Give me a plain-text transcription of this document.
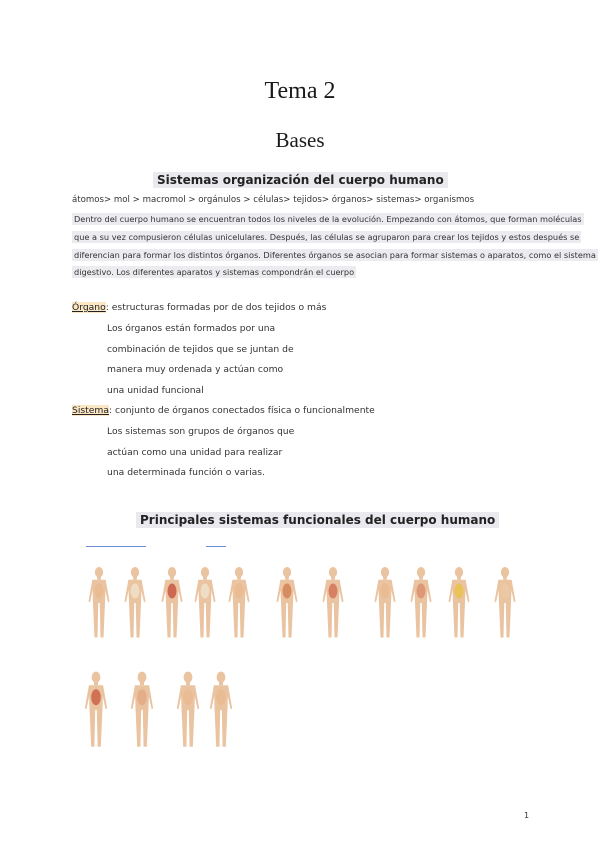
Tema 2
Bases
Sistemas organización del cuerpo humano
átomos> mol > macromol > orgánulos > células> tejidos> órganos> sistemas> organismos
Dentro del cuerpo humano se encuentran todos los niveles de la evolución. Empezando con átomos, que forman moléculas
que a su vez compusieron células unicelulares. Después, las células se agruparon para crear los tejidos y estos después se
diferencian para formar los distintos órganos. Diferentes órganos se asocian para formar sistemas o aparatos, como el sistema
digestivo. Los diferentes aparatos y sistemas compondrán el cuerpo
Órgano: estructuras formadas por de dos tejidos o más
Los órganos están formados por una
combinación de tejidos que se juntan de
manera muy ordenada y actúan como
una unidad funcional
Sistema: conjunto de órganos conectados física o funcionalmente
Los sistemas son grupos de órganos que
actúan como una unidad para realizar
una determinada función o varias.
Principales sistemas funcionales del cuerpo humano
1
